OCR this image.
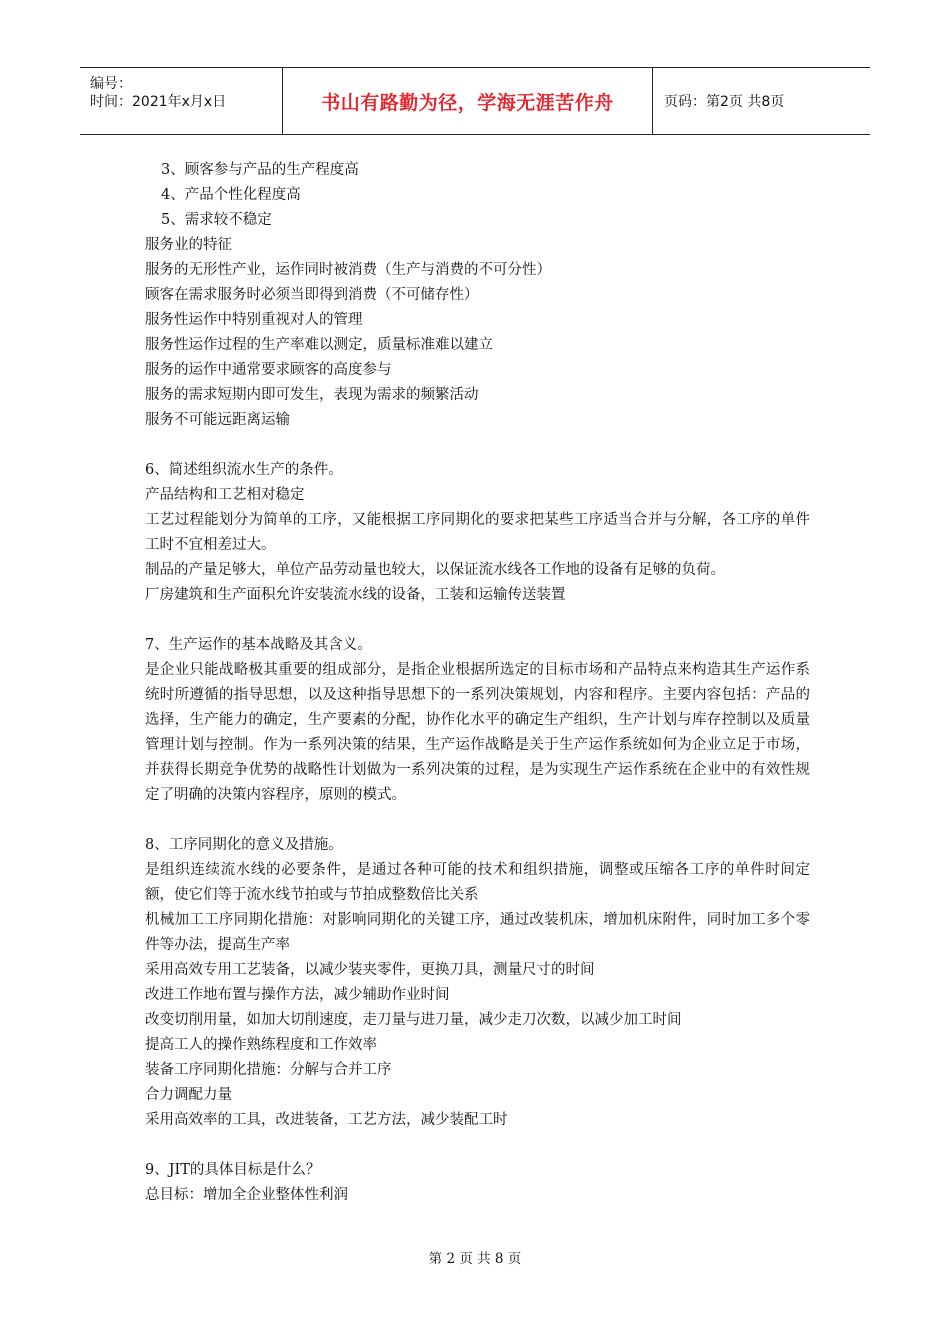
编号：
时间：2021年x月x日	书山有路勤为径，学海无涯苦作舟	页码：第2页 共8页

3、顾客参与产品的生产程度高

4、产品个性化程度高

5、需求较不稳定

服务业的特征

服务的无形性产业，运作同时被消费（生产与消费的不可分性）

顾客在需求服务时必须当即得到消费（不可储存性）

服务性运作中特别重视对人的管理

服务性运作过程的生产率难以测定，质量标准难以建立

服务的运作中通常要求顾客的高度参与

服务的需求短期内即可发生，表现为需求的频繁活动

服务不可能远距离运输

6、简述组织流水生产的条件。

产品结构和工艺相对稳定

工艺过程能划分为简单的工序，又能根据工序同期化的要求把某些工序适当合并与分解，各工序的单件工时不宜相差过大。

制品的产量足够大，单位产品劳动量也较大，以保证流水线各工作地的设备有足够的负荷。

厂房建筑和生产面积允许安装流水线的设备，工装和运输传送装置

7、生产运作的基本战略及其含义。

是企业只能战略极其重要的组成部分，是指企业根据所选定的目标市场和产品特点来构造其生产运作系统时所遵循的指导思想，以及这种指导思想下的一系列决策规划，内容和程序。主要内容包括：产品的选择，生产能力的确定，生产要素的分配，协作化水平的确定生产组织，生产计划与库存控制以及质量管理计划与控制。作为一系列决策的结果，生产运作战略是关于生产运作系统如何为企业立足于市场，并获得长期竞争优势的战略性计划做为一系列决策的过程，是为实现生产运作系统在企业中的有效性规定了明确的决策内容程序，原则的模式。

8、工序同期化的意义及措施。

是组织连续流水线的必要条件，是通过各种可能的技术和组织措施，调整或压缩各工序的单件时间定额，使它们等于流水线节拍或与节拍成整数倍比关系

机械加工工序同期化措施：对影响同期化的关键工序，通过改装机床，增加机床附件，同时加工多个零件等办法，提高生产率

采用高效专用工艺装备，以减少装夹零件，更换刀具，测量尺寸的时间

改进工作地布置与操作方法，减少辅助作业时间

改变切削用量，如加大切削速度，走刀量与进刀量，减少走刀次数，以减少加工时间

提高工人的操作熟练程度和工作效率

装备工序同期化措施：分解与合并工序

合力调配力量

采用高效率的工具，改进装备，工艺方法，减少装配工时

9、JIT的具体目标是什么？

总目标：增加全企业整体性利润

第 2 页 共 8 页
